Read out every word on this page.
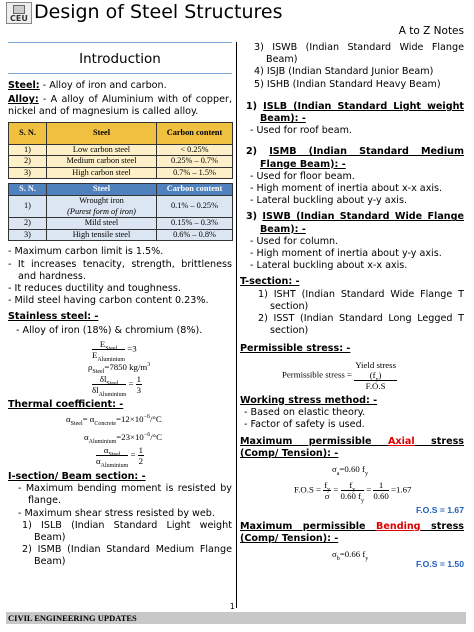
CEU Design of Steel Structures
A to Z Notes
Introduction

Steel: - Alloy of iron and carbon.

Alloy: - A alloy of Aluminium with of copper, nickel and of magnesium is called alloy.

S. N.	Steel	Carbon content
1)	Low carbon steel	< 0.25%
2)	Medium carbon steel	0.25% – 0.7%
3)	High carbon steel	0.7% – 1.5%
S. N.	Steel	Carbon content
1)	Wrought iron
(Purest form of iron)	0.1% – 0.25%
2)	Mild steel	0.15% – 0.3%
3)	High tensile steel	0.6% – 0.8%

- Maximum carbon limit is 1.5%.

- It increases tenacity, strength, brittleness and hardness.

- It reduces ductility and toughness.

- Mild steel having carbon content 0.23%.

Stainless steel: -

- Alloy of iron (18%) & chromium (8%).

$\frac{E_{Steel}}{E_{Aluminium}} =3$
$\rho_{Steel}=7850$ $kg/m^3$
$\frac{\delta l_{Steel}}{\delta l_{Aluminium}} = \frac{1}{3}$

Thermal coefficient: -

$\alpha_{Steel}= \alpha_{Concrete}=12\times 10^{-6}/^\circ C$
$\alpha_{Aluminium}=23\times 10^{-6}/^\circ C$
$\frac{\alpha_{Steel}}{\alpha_{Aluminium}} = \frac{1}{2}$

I-section/ Beam section: -

- Maximum bending moment is resisted by flange.

- Maximum shear stress resisted by web.

1) ISLB (Indian Standard Light weight Beam)

2) ISMB (Indian Standard Medium Flange Beam)

3) ISWB (Indian Standard Wide Flange Beam)

4) ISJB (Indian Standard Junior Beam)

5) ISHB (Indian Standard Heavy Beam)

1) ISLB (Indian Standard Light weight Beam): -

- Used for roof beam.

2) ISMB (Indian Standard Medium Flange Beam): -

- Used for floor beam.

- High moment of inertia about x-x axis.

- Lateral buckling about y-y axis.

3) ISWB (Indian Standard Wide Flange Beam): -

- Used for column.

- High moment of inertia about y-y axis.

- Lateral buckling about x-x axis.

T-section: -

1) ISHT (Indian Standard Wide Flange T section)

2) ISST (Indian Standard Long Legged T section)

Permissible stress: -

Permissible stress = Yield stress
$(f_y)$
F.O.S

Working stress method: -

- Based on elastic theory.

- Factor of safety is used.

Maximum permissible Axial stress (Comp/ Tension): -

$\sigma_a=0.60$ $f_y$
$F.O.S = \frac{f_y}{\sigma} = \frac{f_y}{0.60 f_y} = \frac{1}{0.60} =1.67$
F.O.S = 1.67

Maximum permissible Bending stress (Comp/ Tension): -

$\sigma_b=0.66$ $f_y$
F.O.S = 1.50
1
CIVIL ENGINEERING UPDATES
